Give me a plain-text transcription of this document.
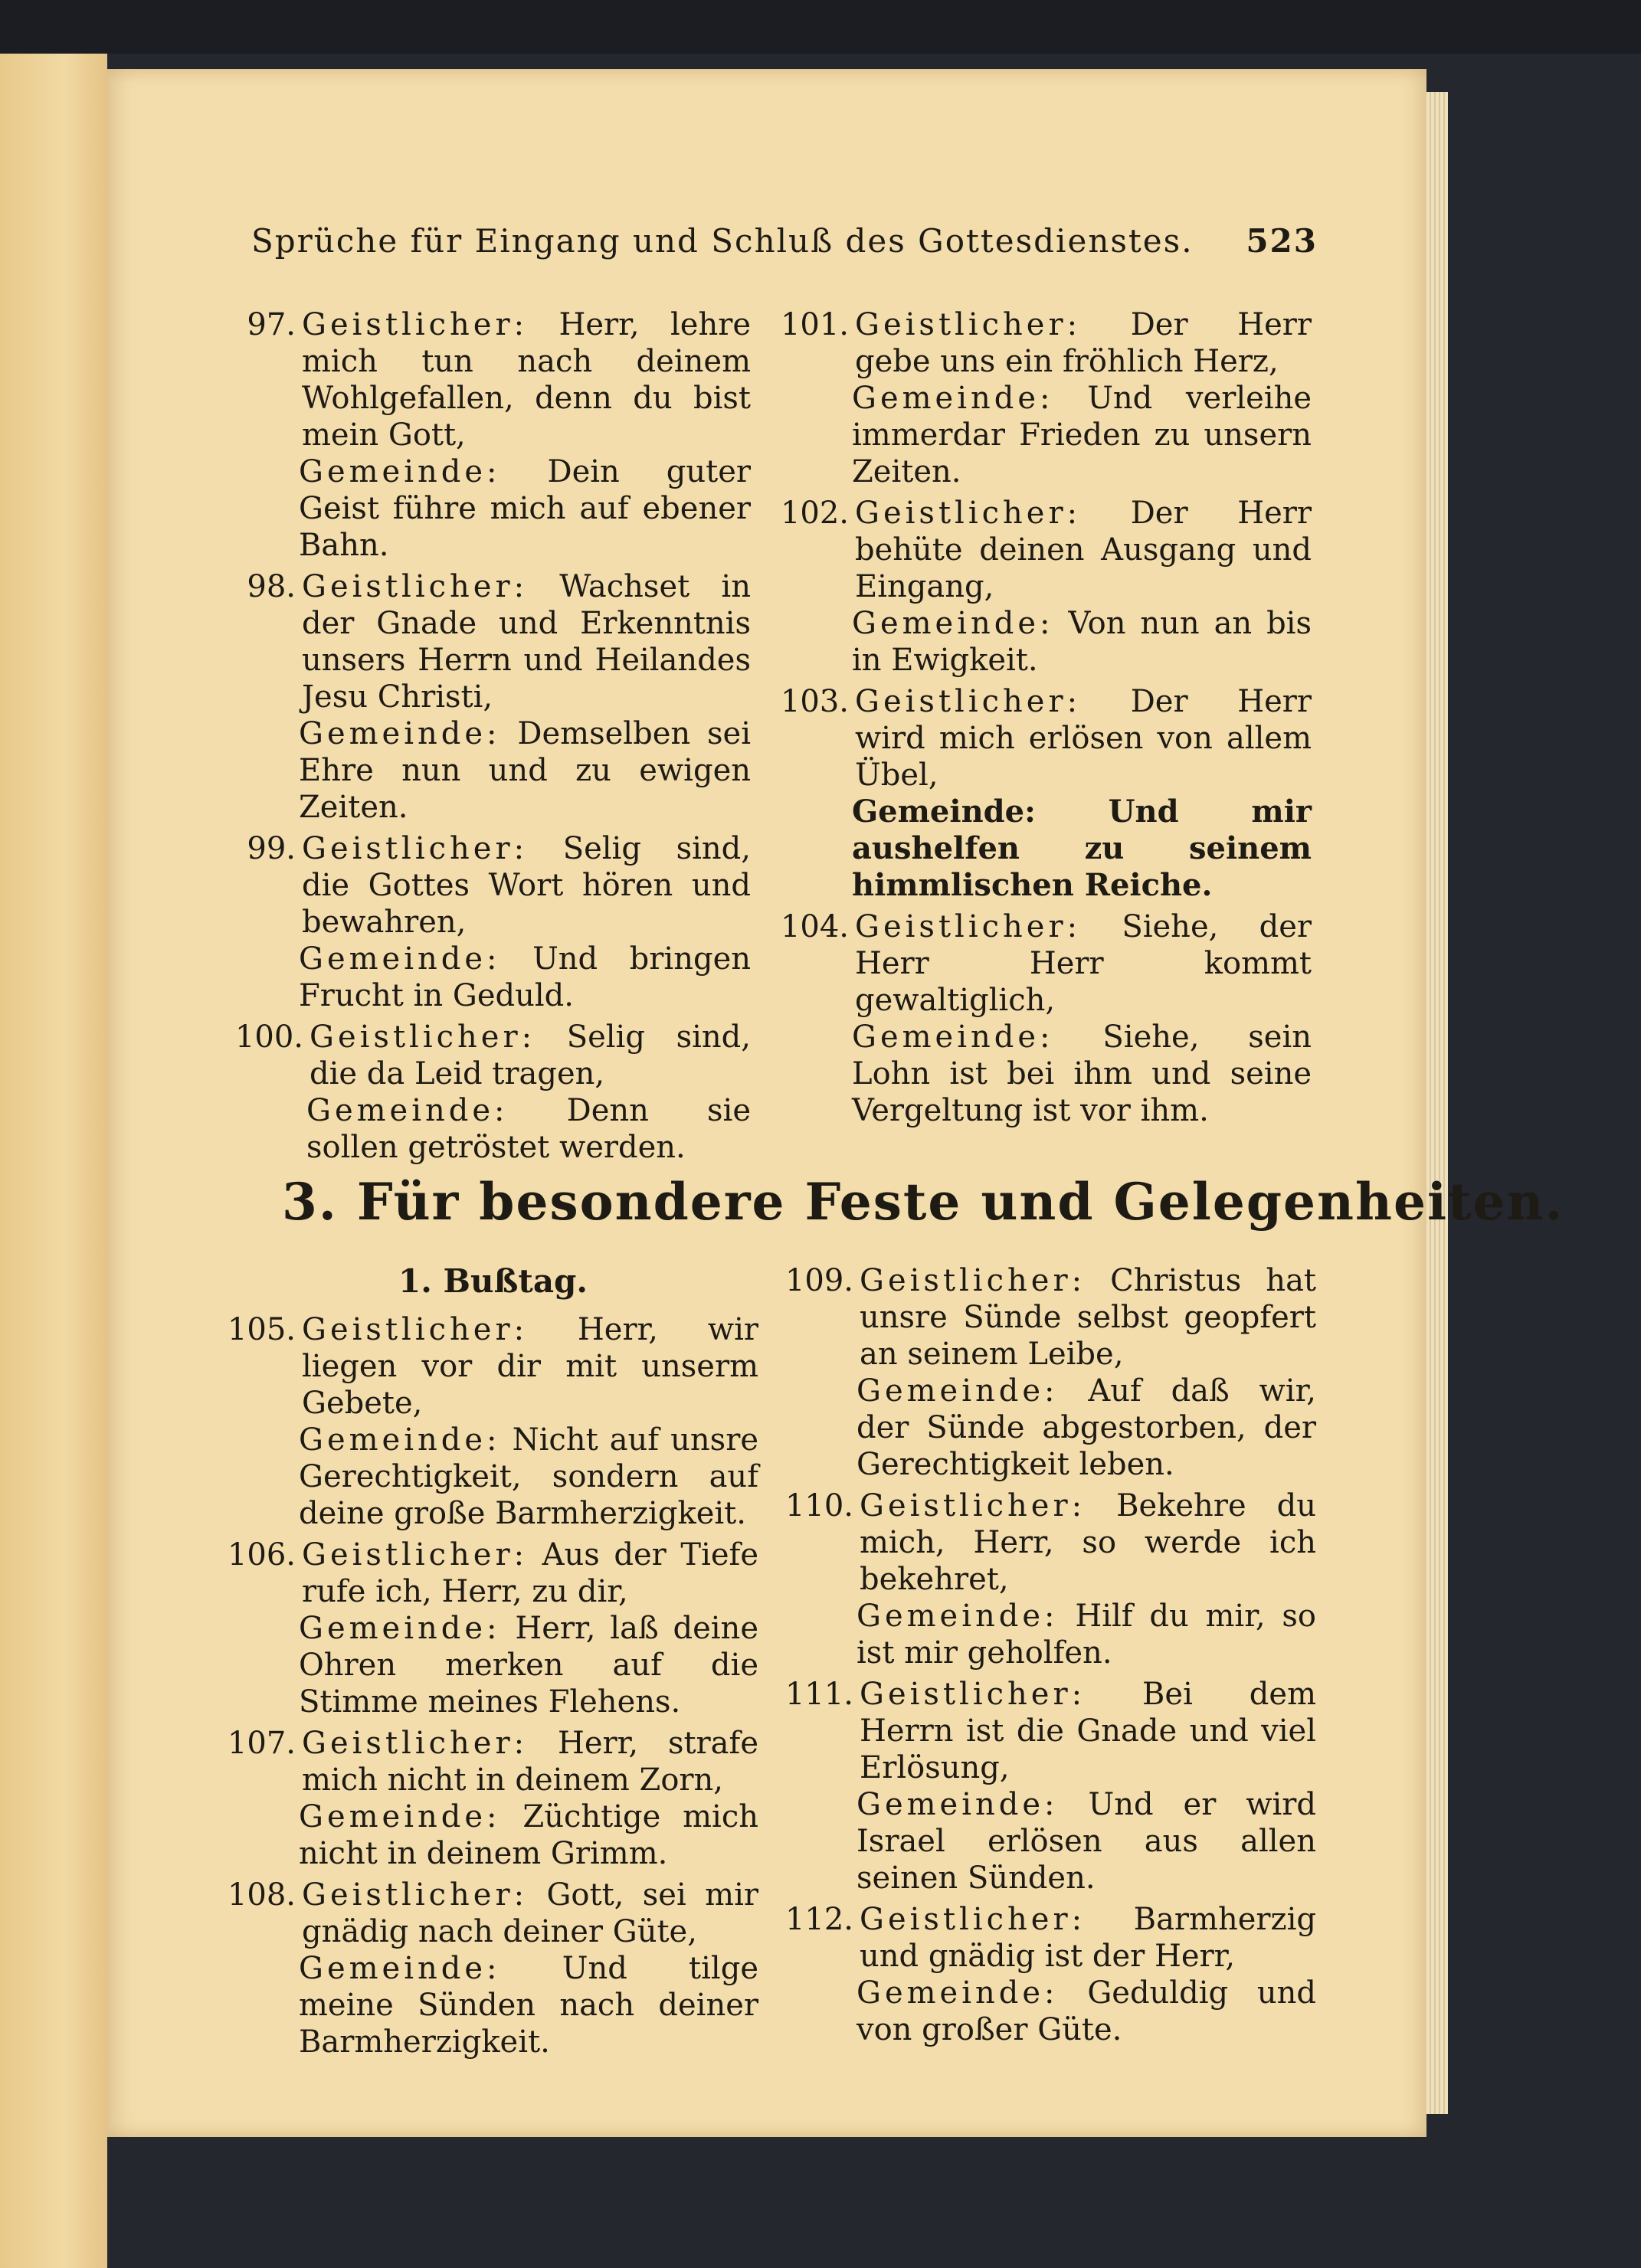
Sprüche für Eingang und Schluß des Gottesdienstes. 523
97. Geistlicher: Herr, lehre mich tun nach deinem Wohlgefallen, denn du bist mein Gott,
Gemeinde: Dein guter Geist führe mich auf ebener Bahn.
98. Geistlicher: Wachset in der Gnade und Erkenntnis unsers Herrn und Heilandes Jesu Christi,
Gemeinde: Demselben sei Ehre nun und zu ewigen Zeiten.
99. Geistlicher: Selig sind, die Gottes Wort hören und bewahren,
Gemeinde: Und bringen Frucht in Geduld.
100. Geistlicher: Selig sind, die da Leid tragen,
Gemeinde: Denn sie sollen getröstet werden.
101. Geistlicher: Der Herr gebe uns ein fröhlich Herz,
Gemeinde: Und verleihe immerdar Frieden zu unsern Zeiten.
102. Geistlicher: Der Herr behüte deinen Ausgang und Eingang,
Gemeinde: Von nun an bis in Ewigkeit.
103. Geistlicher: Der Herr wird mich erlösen von allem Übel,
Gemeinde: Und mir aushelfen zu seinem himmlischen Reiche.
104. Geistlicher: Siehe, der Herr Herr kommt gewaltiglich,
Gemeinde: Siehe, sein Lohn ist bei ihm und seine Vergeltung ist vor ihm.
3. Für besondere Feste und Gelegenheiten.
1. Bußtag.
105. Geistlicher: Herr, wir liegen vor dir mit unserm Gebete,
Gemeinde: Nicht auf unsre Gerechtigkeit, sondern auf deine große Barmherzigkeit.
106. Geistlicher: Aus der Tiefe rufe ich, Herr, zu dir,
Gemeinde: Herr, laß deine Ohren merken auf die Stimme meines Flehens.
107. Geistlicher: Herr, strafe mich nicht in deinem Zorn,
Gemeinde: Züchtige mich nicht in deinem Grimm.
108. Geistlicher: Gott, sei mir gnädig nach deiner Güte,
Gemeinde: Und tilge meine Sünden nach deiner Barmherzigkeit.
109. Geistlicher: Christus hat unsre Sünde selbst geopfert an seinem Leibe,
Gemeinde: Auf daß wir, der Sünde abgestorben, der Gerechtigkeit leben.
110. Geistlicher: Bekehre du mich, Herr, so werde ich bekehret,
Gemeinde: Hilf du mir, so ist mir geholfen.
111. Geistlicher: Bei dem Herrn ist die Gnade und viel Erlösung,
Gemeinde: Und er wird Israel erlösen aus allen seinen Sünden.
112. Geistlicher: Barmherzig und gnädig ist der Herr,
Gemeinde: Geduldig und von großer Güte.
